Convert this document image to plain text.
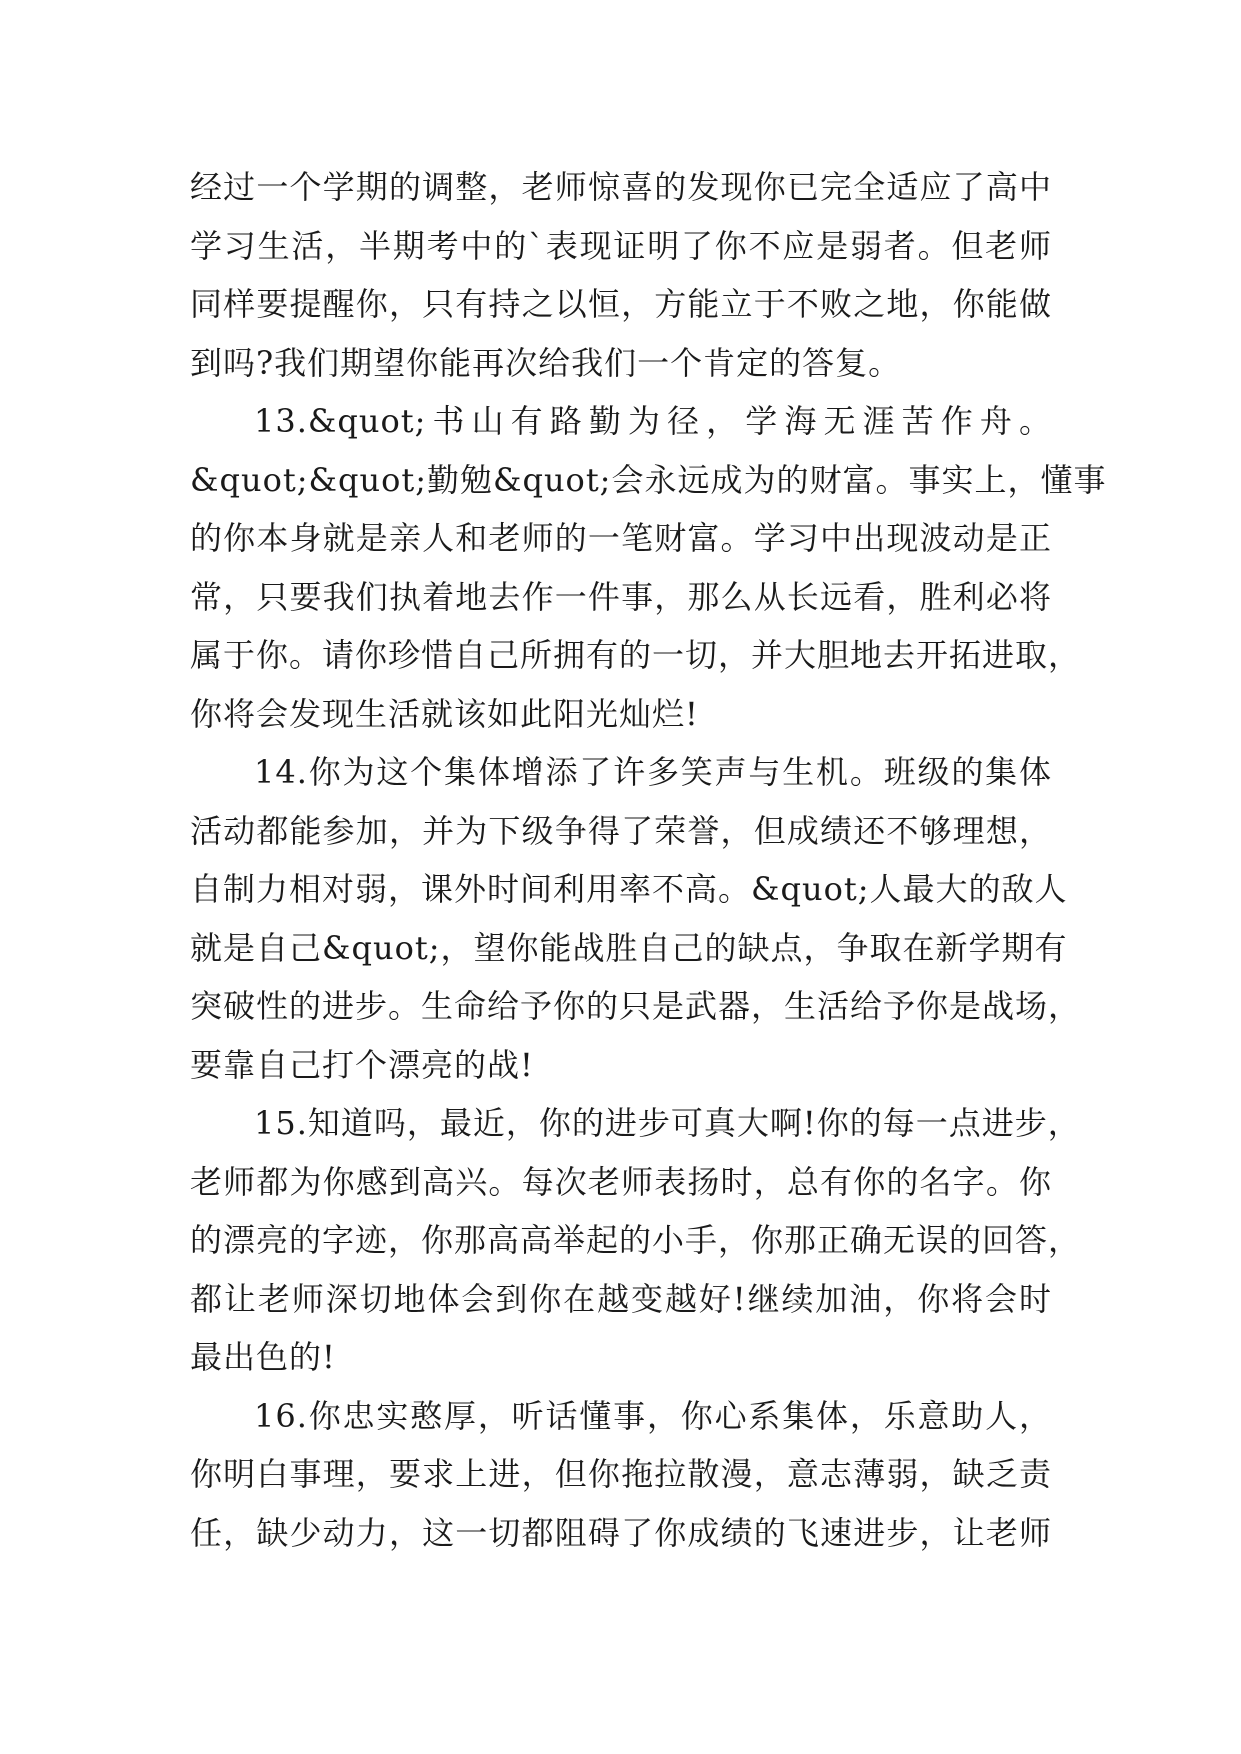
经过一个学期的调整，老师惊喜的发现你已完全适应了高中
学习生活，半期考中的`表现证明了你不应是弱者。但老师
同样要提醒你，只有持之以恒，方能立于不败之地，你能做
到吗?我们期望你能再次给我们一个肯定的答复。
13.&quot;书山有路勤为径，学海无涯苦作舟。
&quot;&quot;勤勉&quot;会永远成为的财富。事实上，懂事
的你本身就是亲人和老师的一笔财富。学习中出现波动是正
常，只要我们执着地去作一件事，那么从长远看，胜利必将
属于你。请你珍惜自己所拥有的一切，并大胆地去开拓进取，
你将会发现生活就该如此阳光灿烂!
14.你为这个集体增添了许多笑声与生机。班级的集体
活动都能参加，并为下级争得了荣誉，但成绩还不够理想，
自制力相对弱，课外时间利用率不高。&quot;人最大的敌人
就是自己&quot;，望你能战胜自己的缺点，争取在新学期有
突破性的进步。生命给予你的只是武器，生活给予你是战场，
要靠自己打个漂亮的战!
15.知道吗，最近，你的进步可真大啊!你的每一点进步，
老师都为你感到高兴。每次老师表扬时，总有你的名字。你
的漂亮的字迹，你那高高举起的小手，你那正确无误的回答，
都让老师深切地体会到你在越变越好!继续加油，你将会时
最出色的!
16.你忠实憨厚，听话懂事，你心系集体，乐意助人，
你明白事理，要求上进，但你拖拉散漫，意志薄弱，缺乏责
任，缺少动力，这一切都阻碍了你成绩的飞速进步，让老师
